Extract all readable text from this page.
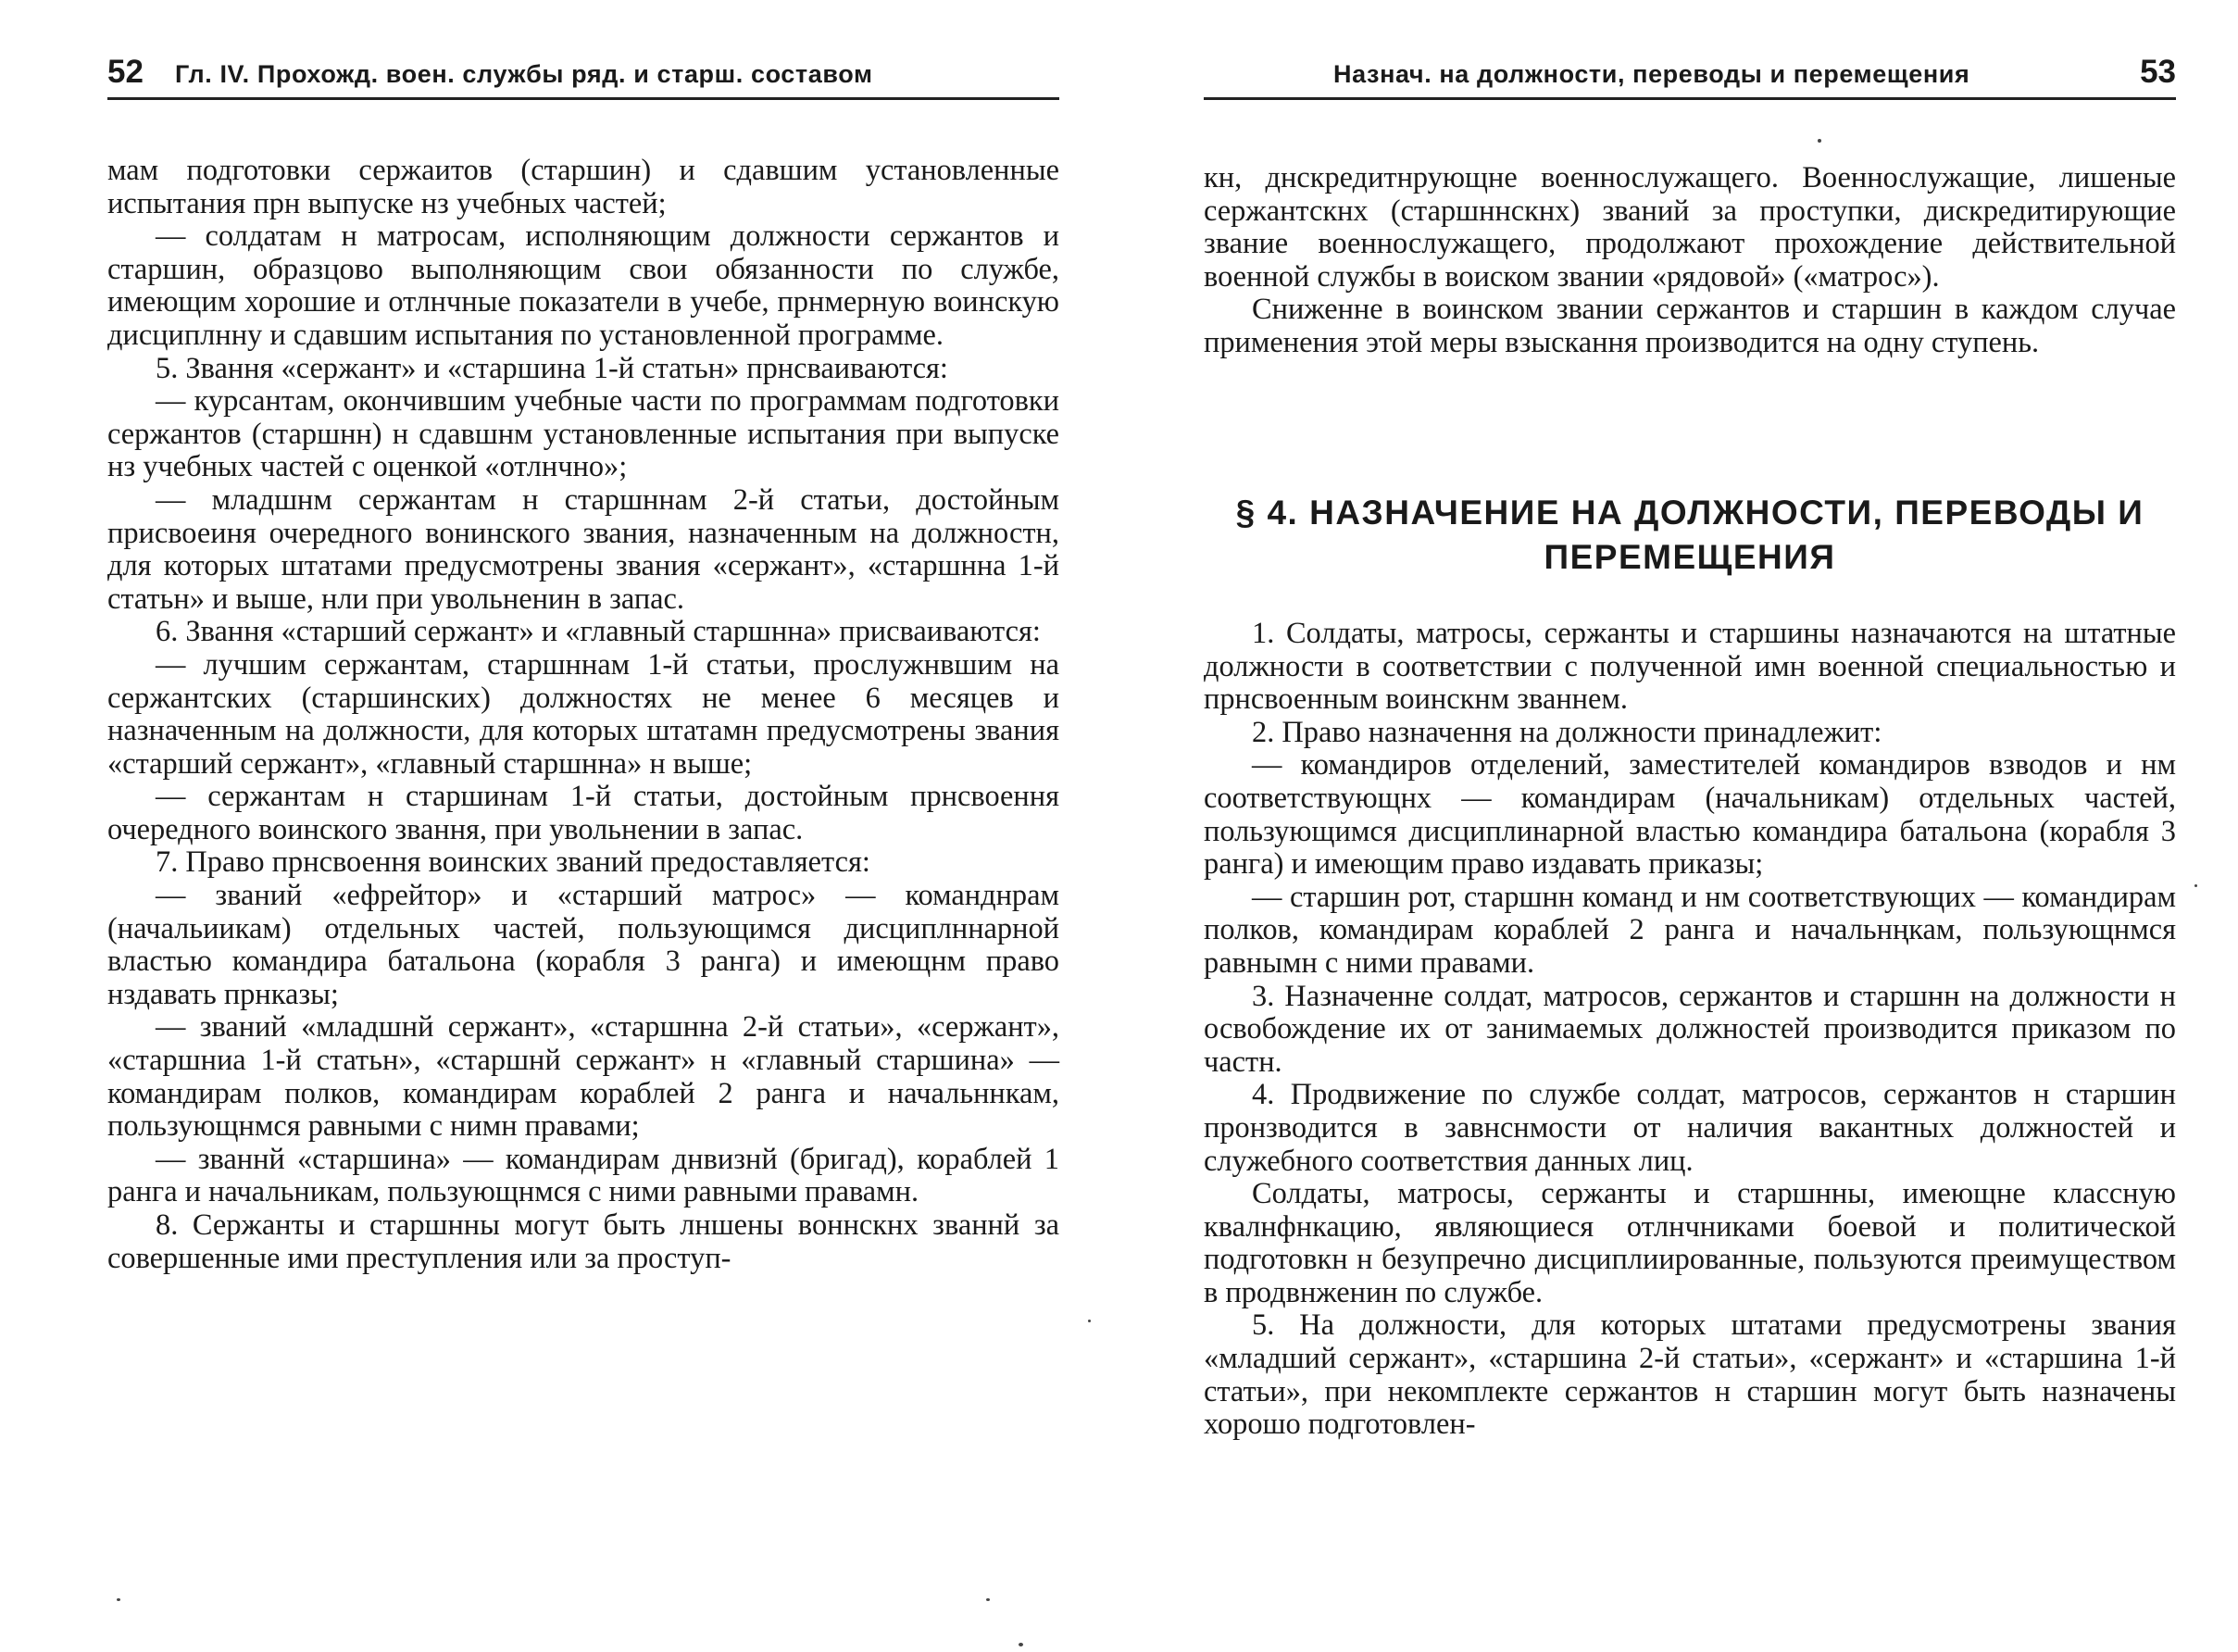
52 Гл. IV. Прохожд. воен. службы ряд. и старш. составом

мам подготовки сержаитов (старшин) и сдавшим установленные испытания прн выпуске нз учебных частей;

— солдатам н матросам, исполняющим должности сержантов и старшин, образцово выполняющим свои обязанности по службе, имеющим хорошие и отлнчные показатели в учебе, прнмерную воинскую дисциплнну и сдавшим испытания по установленной программе.

5. Звання «сержант» и «старшина 1-й статьн» прнсваиваются:

— курсантам, окончившим учебные части по программам подготовки сержантов (старшнн) н сдавшнм установленные испытания при выпуске нз учебных частей с оценкой «отлнчно»;

— младшнм сержантам н старшннам 2-й статьи, достойным присвоеиня очередного вонинского звания, назначенным на должностн, для которых штатами предусмотрены звания «сержант», «старшнна 1-й статьн» и выше, нли при увольненин в запас.

6. Звання «старший сержант» и «главный старшнна» присваиваются:

— лучшим сержантам, старшннам 1-й статьи, прослужнвшим на сержантских (старшинских) должностях не менее 6 месяцев и назначенным на должности, для которых штатамн предусмотрены звания «старший сержант», «главный старшнна» н выше;

— сержантам н старшинам 1-й статьи, достойным прнсвоення очередного воинского звання, при увольнении в запас.

7. Право прнсвоення воинских званий предоставляется:

— званий «ефрейтор» и «старший матрос» — команднрам (начальиикам) отдельных частей, пользующимся дисциплннарной властью командира батальона (корабля 3 ранга) и имеющнм право нздавать прнказы;

— званий «младшнй сержант», «старшнна 2-й статьи», «сержант», «старшниа 1-й статьн», «старшнй сержант» н «главный старшина» — командирам полков, командирам кораблей 2 ранга и начальннкам, пользующнмся равными с нимн правами;

— званнй «старшина» — командирам днвизнй (бригад), кораблей 1 ранга и начальникам, пользующнмся с ними равными правамн.

8. Сержанты и старшнны могут быть лншены вoннскнх званнй за совершенные ими преступления или за проступ-

Назнач. на должности, переводы и перемещения	53

кн, днскредитнрующне военнослужащего. Военнослужащие, лишеные сержантскнх (старшннскнх) званий за проступки, дискредитирующие звание военнослужащего, продолжают прохождение действительной военной службы в воиском звании «рядовой» («матрос»).

Сниженне в воинском звании сержантов и старшин в каждом случае применения этой меры взыскання производится на одну ступень.

§ 4. НАЗНАЧЕНИЕ НА ДОЛЖНОСТИ, ПЕРЕВОДЫ И ПЕРЕМЕЩЕНИЯ

1. Солдаты, матросы, сержанты и старшины назначаются на штатные должности в соответствии с полученной имн военной специальностью и прнсвоенным воинскнм званнем.

2. Право назначення на должности принадлежит:

— командиров отделений, заместителей командиров взводов и нм соответствующнх — командирам (начальникам) отдельных частей, пользующимся дисциплинарной властью командира батальона (корабля 3 ранга) и имеющим право издавать приказы;

— старшин рот, старшнн команд и нм соответствующих — командирам полков, командирам кораблей 2 ранга и начальнңкам, пользующнмся равнымн с ними правами.

3. Назначенне солдат, матросов, сержантов и старшнн на должности н освобождение их от занимаемых должностей производится приказом по частн.

4. Продвижение по службе солдат, матросов, сержантов н старшин пронзводится в завнснмости от наличия вакантных должностей и служебного соответствия данных лиц.

Солдаты, матросы, сержанты и старшнны, имеющне классную квалнфнкацию, являющиеся отлнчниками боевой и политической подготовкн н безупречно дисциплиированные, пользуются преимуществом в продвнженин по службе.

5. На должности, для которых штатами предусмотрены звания «младший сержант», «старшина 2-й статьи», «сержант» и «старшина 1-й статьи», при некомплекте сержантов н старшин могут быть назначены хорошо подготовлен-
